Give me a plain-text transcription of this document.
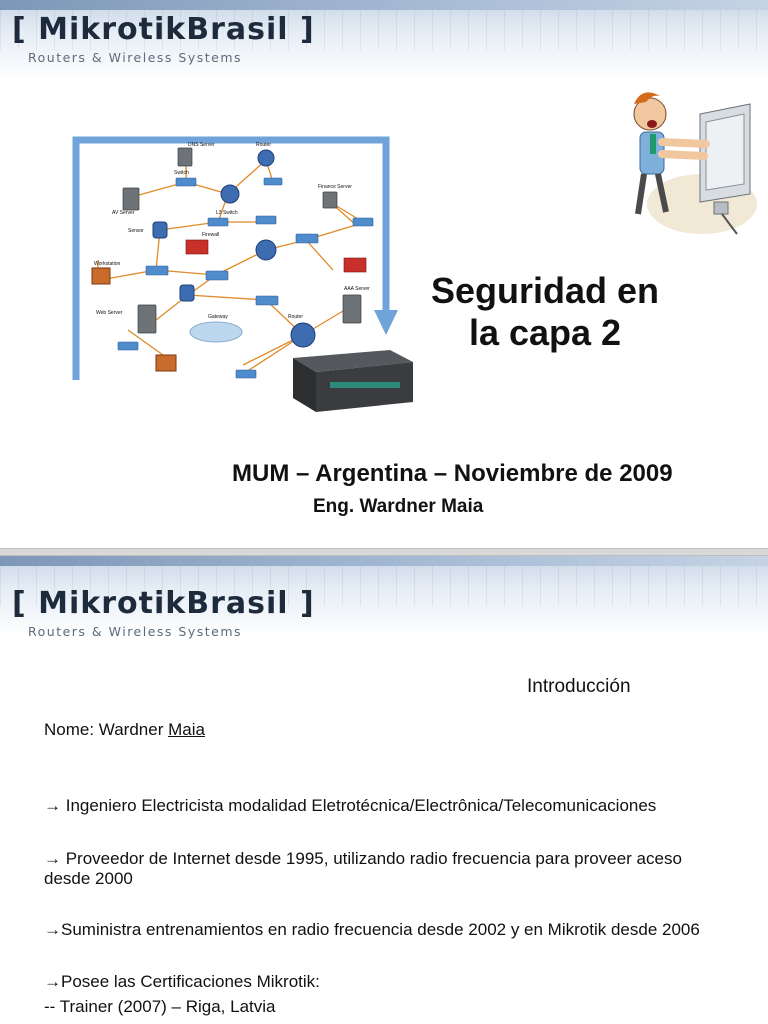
[ MikrotikBrasil ]
Routers & Wireless Systems
DNS Server	Router
Switch
AV Server	L3 Switch
Finance Server
Sensor
Firewall
Workstation
Web Server
Gateway
AAA Server
Router
Seguridad en
la capa 2
MUM – Argentina – Noviembre de 2009
Eng. Wardner Maia
[ MikrotikBrasil ]
Routers & Wireless Systems
Introducción
Nome: Wardner Maia
→ Ingeniero Electricista modalidad Eletrotécnica/Electrônica/Telecomunicaciones
→ Proveedor de Internet desde 1995, utilizando radio frecuencia para proveer aceso
desde 2000
→Suministra entrenamientos en radio frecuencia desde 2002 y en Mikrotik desde 2006
→Posee las Certificaciones Mikrotik:
-- Trainer (2007) – Riga, Latvia
